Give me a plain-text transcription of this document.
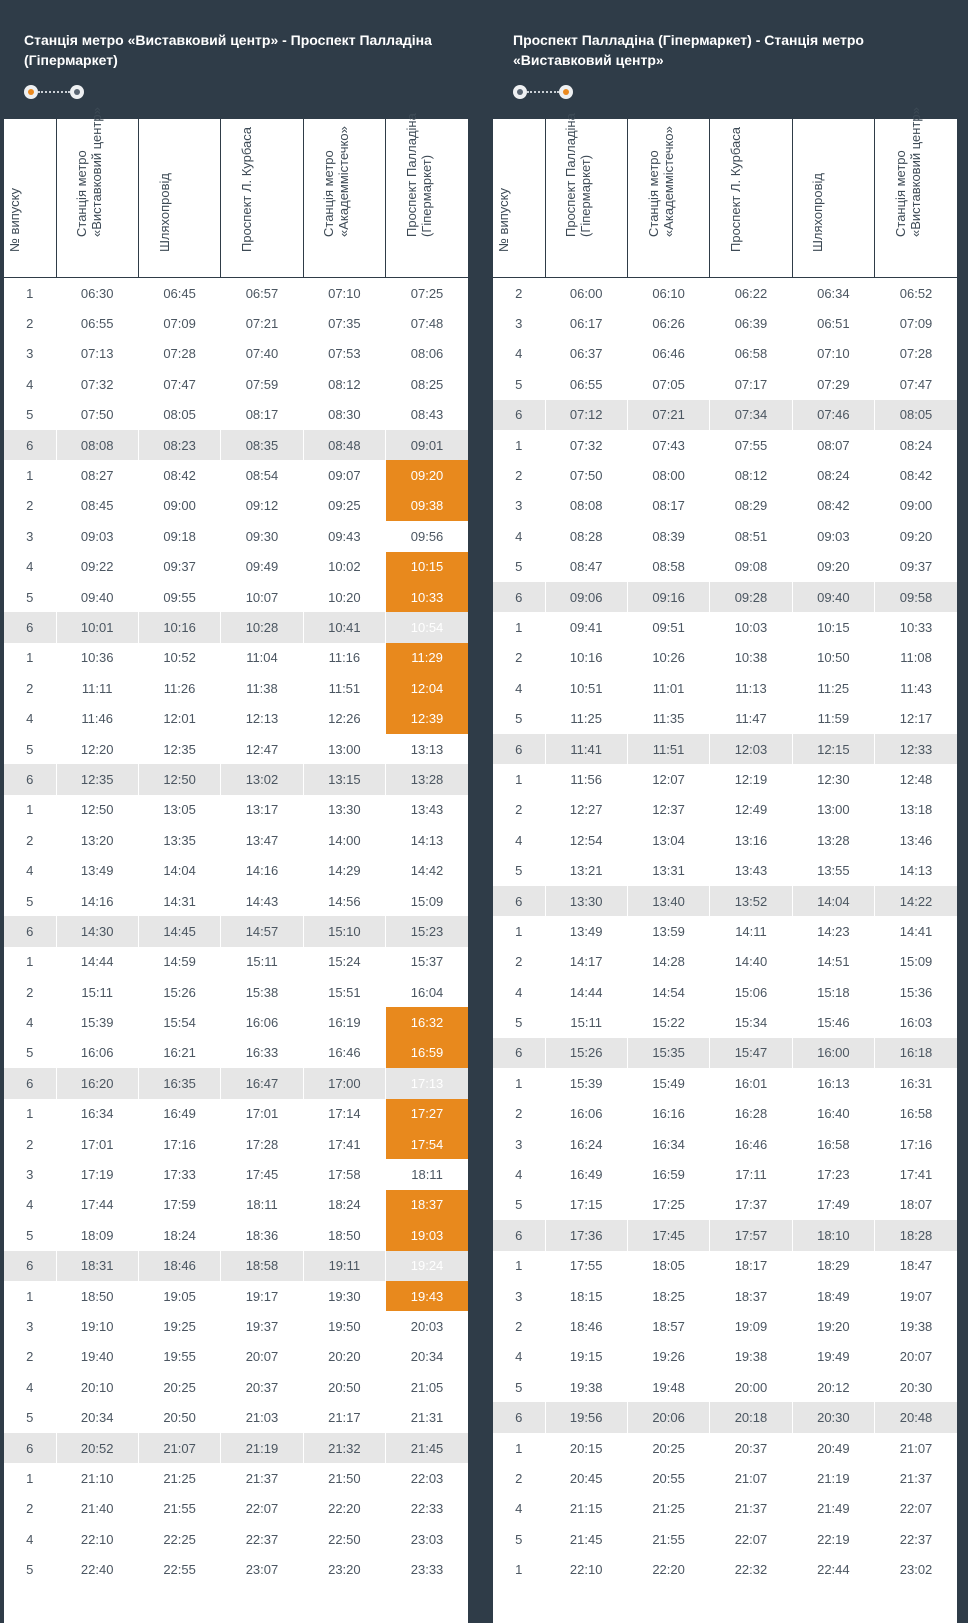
Станція метро «Виставковий центр» - Проспект Палладіна (Гіпермаркет)
№ випуску	Станція метро «Виставковий центр»	Шляхопровід	Проспект Л. Курбаса	Станція метро «Академмістечко»	Проспект Палладіна (Гіпермаркет)

1	06:30	06:45	06:57	07:10	07:25
2	06:55	07:09	07:21	07:35	07:48
3	07:13	07:28	07:40	07:53	08:06
4	07:32	07:47	07:59	08:12	08:25
5	07:50	08:05	08:17	08:30	08:43
6	08:08	08:23	08:35	08:48	09:01
1	08:27	08:42	08:54	09:07	09:20
2	08:45	09:00	09:12	09:25	09:38
3	09:03	09:18	09:30	09:43	09:56
4	09:22	09:37	09:49	10:02	10:15
5	09:40	09:55	10:07	10:20	10:33
6	10:01	10:16	10:28	10:41	10:54
1	10:36	10:52	11:04	11:16	11:29
2	11:11	11:26	11:38	11:51	12:04
4	11:46	12:01	12:13	12:26	12:39
5	12:20	12:35	12:47	13:00	13:13
6	12:35	12:50	13:02	13:15	13:28
1	12:50	13:05	13:17	13:30	13:43
2	13:20	13:35	13:47	14:00	14:13
4	13:49	14:04	14:16	14:29	14:42
5	14:16	14:31	14:43	14:56	15:09
6	14:30	14:45	14:57	15:10	15:23
1	14:44	14:59	15:11	15:24	15:37
2	15:11	15:26	15:38	15:51	16:04
4	15:39	15:54	16:06	16:19	16:32
5	16:06	16:21	16:33	16:46	16:59
6	16:20	16:35	16:47	17:00	17:13
1	16:34	16:49	17:01	17:14	17:27
2	17:01	17:16	17:28	17:41	17:54
3	17:19	17:33	17:45	17:58	18:11
4	17:44	17:59	18:11	18:24	18:37
5	18:09	18:24	18:36	18:50	19:03
6	18:31	18:46	18:58	19:11	19:24
1	18:50	19:05	19:17	19:30	19:43
3	19:10	19:25	19:37	19:50	20:03
2	19:40	19:55	20:07	20:20	20:34
4	20:10	20:25	20:37	20:50	21:05
5	20:34	20:50	21:03	21:17	21:31
6	20:52	21:07	21:19	21:32	21:45
1	21:10	21:25	21:37	21:50	22:03
2	21:40	21:55	22:07	22:20	22:33
4	22:10	22:25	22:37	22:50	23:03
5	22:40	22:55	23:07	23:20	23:33
Проспект Палладіна (Гіпермаркет) - Станція метро «Виставковий центр»
№ випуску	Проспект Палладіна (Гіпермаркет)	Станція метро «Академмістечко»	Проспект Л. Курбаса	Шляхопровід	Станція метро «Виставковий центр»

2	06:00	06:10	06:22	06:34	06:52
3	06:17	06:26	06:39	06:51	07:09
4	06:37	06:46	06:58	07:10	07:28
5	06:55	07:05	07:17	07:29	07:47
6	07:12	07:21	07:34	07:46	08:05
1	07:32	07:43	07:55	08:07	08:24
2	07:50	08:00	08:12	08:24	08:42
3	08:08	08:17	08:29	08:42	09:00
4	08:28	08:39	08:51	09:03	09:20
5	08:47	08:58	09:08	09:20	09:37
6	09:06	09:16	09:28	09:40	09:58
1	09:41	09:51	10:03	10:15	10:33
2	10:16	10:26	10:38	10:50	11:08
4	10:51	11:01	11:13	11:25	11:43
5	11:25	11:35	11:47	11:59	12:17
6	11:41	11:51	12:03	12:15	12:33
1	11:56	12:07	12:19	12:30	12:48
2	12:27	12:37	12:49	13:00	13:18
4	12:54	13:04	13:16	13:28	13:46
5	13:21	13:31	13:43	13:55	14:13
6	13:30	13:40	13:52	14:04	14:22
1	13:49	13:59	14:11	14:23	14:41
2	14:17	14:28	14:40	14:51	15:09
4	14:44	14:54	15:06	15:18	15:36
5	15:11	15:22	15:34	15:46	16:03
6	15:26	15:35	15:47	16:00	16:18
1	15:39	15:49	16:01	16:13	16:31
2	16:06	16:16	16:28	16:40	16:58
3	16:24	16:34	16:46	16:58	17:16
4	16:49	16:59	17:11	17:23	17:41
5	17:15	17:25	17:37	17:49	18:07
6	17:36	17:45	17:57	18:10	18:28
1	17:55	18:05	18:17	18:29	18:47
3	18:15	18:25	18:37	18:49	19:07
2	18:46	18:57	19:09	19:20	19:38
4	19:15	19:26	19:38	19:49	20:07
5	19:38	19:48	20:00	20:12	20:30
6	19:56	20:06	20:18	20:30	20:48
1	20:15	20:25	20:37	20:49	21:07
2	20:45	20:55	21:07	21:19	21:37
4	21:15	21:25	21:37	21:49	22:07
5	21:45	21:55	22:07	22:19	22:37
1	22:10	22:20	22:32	22:44	23:02
